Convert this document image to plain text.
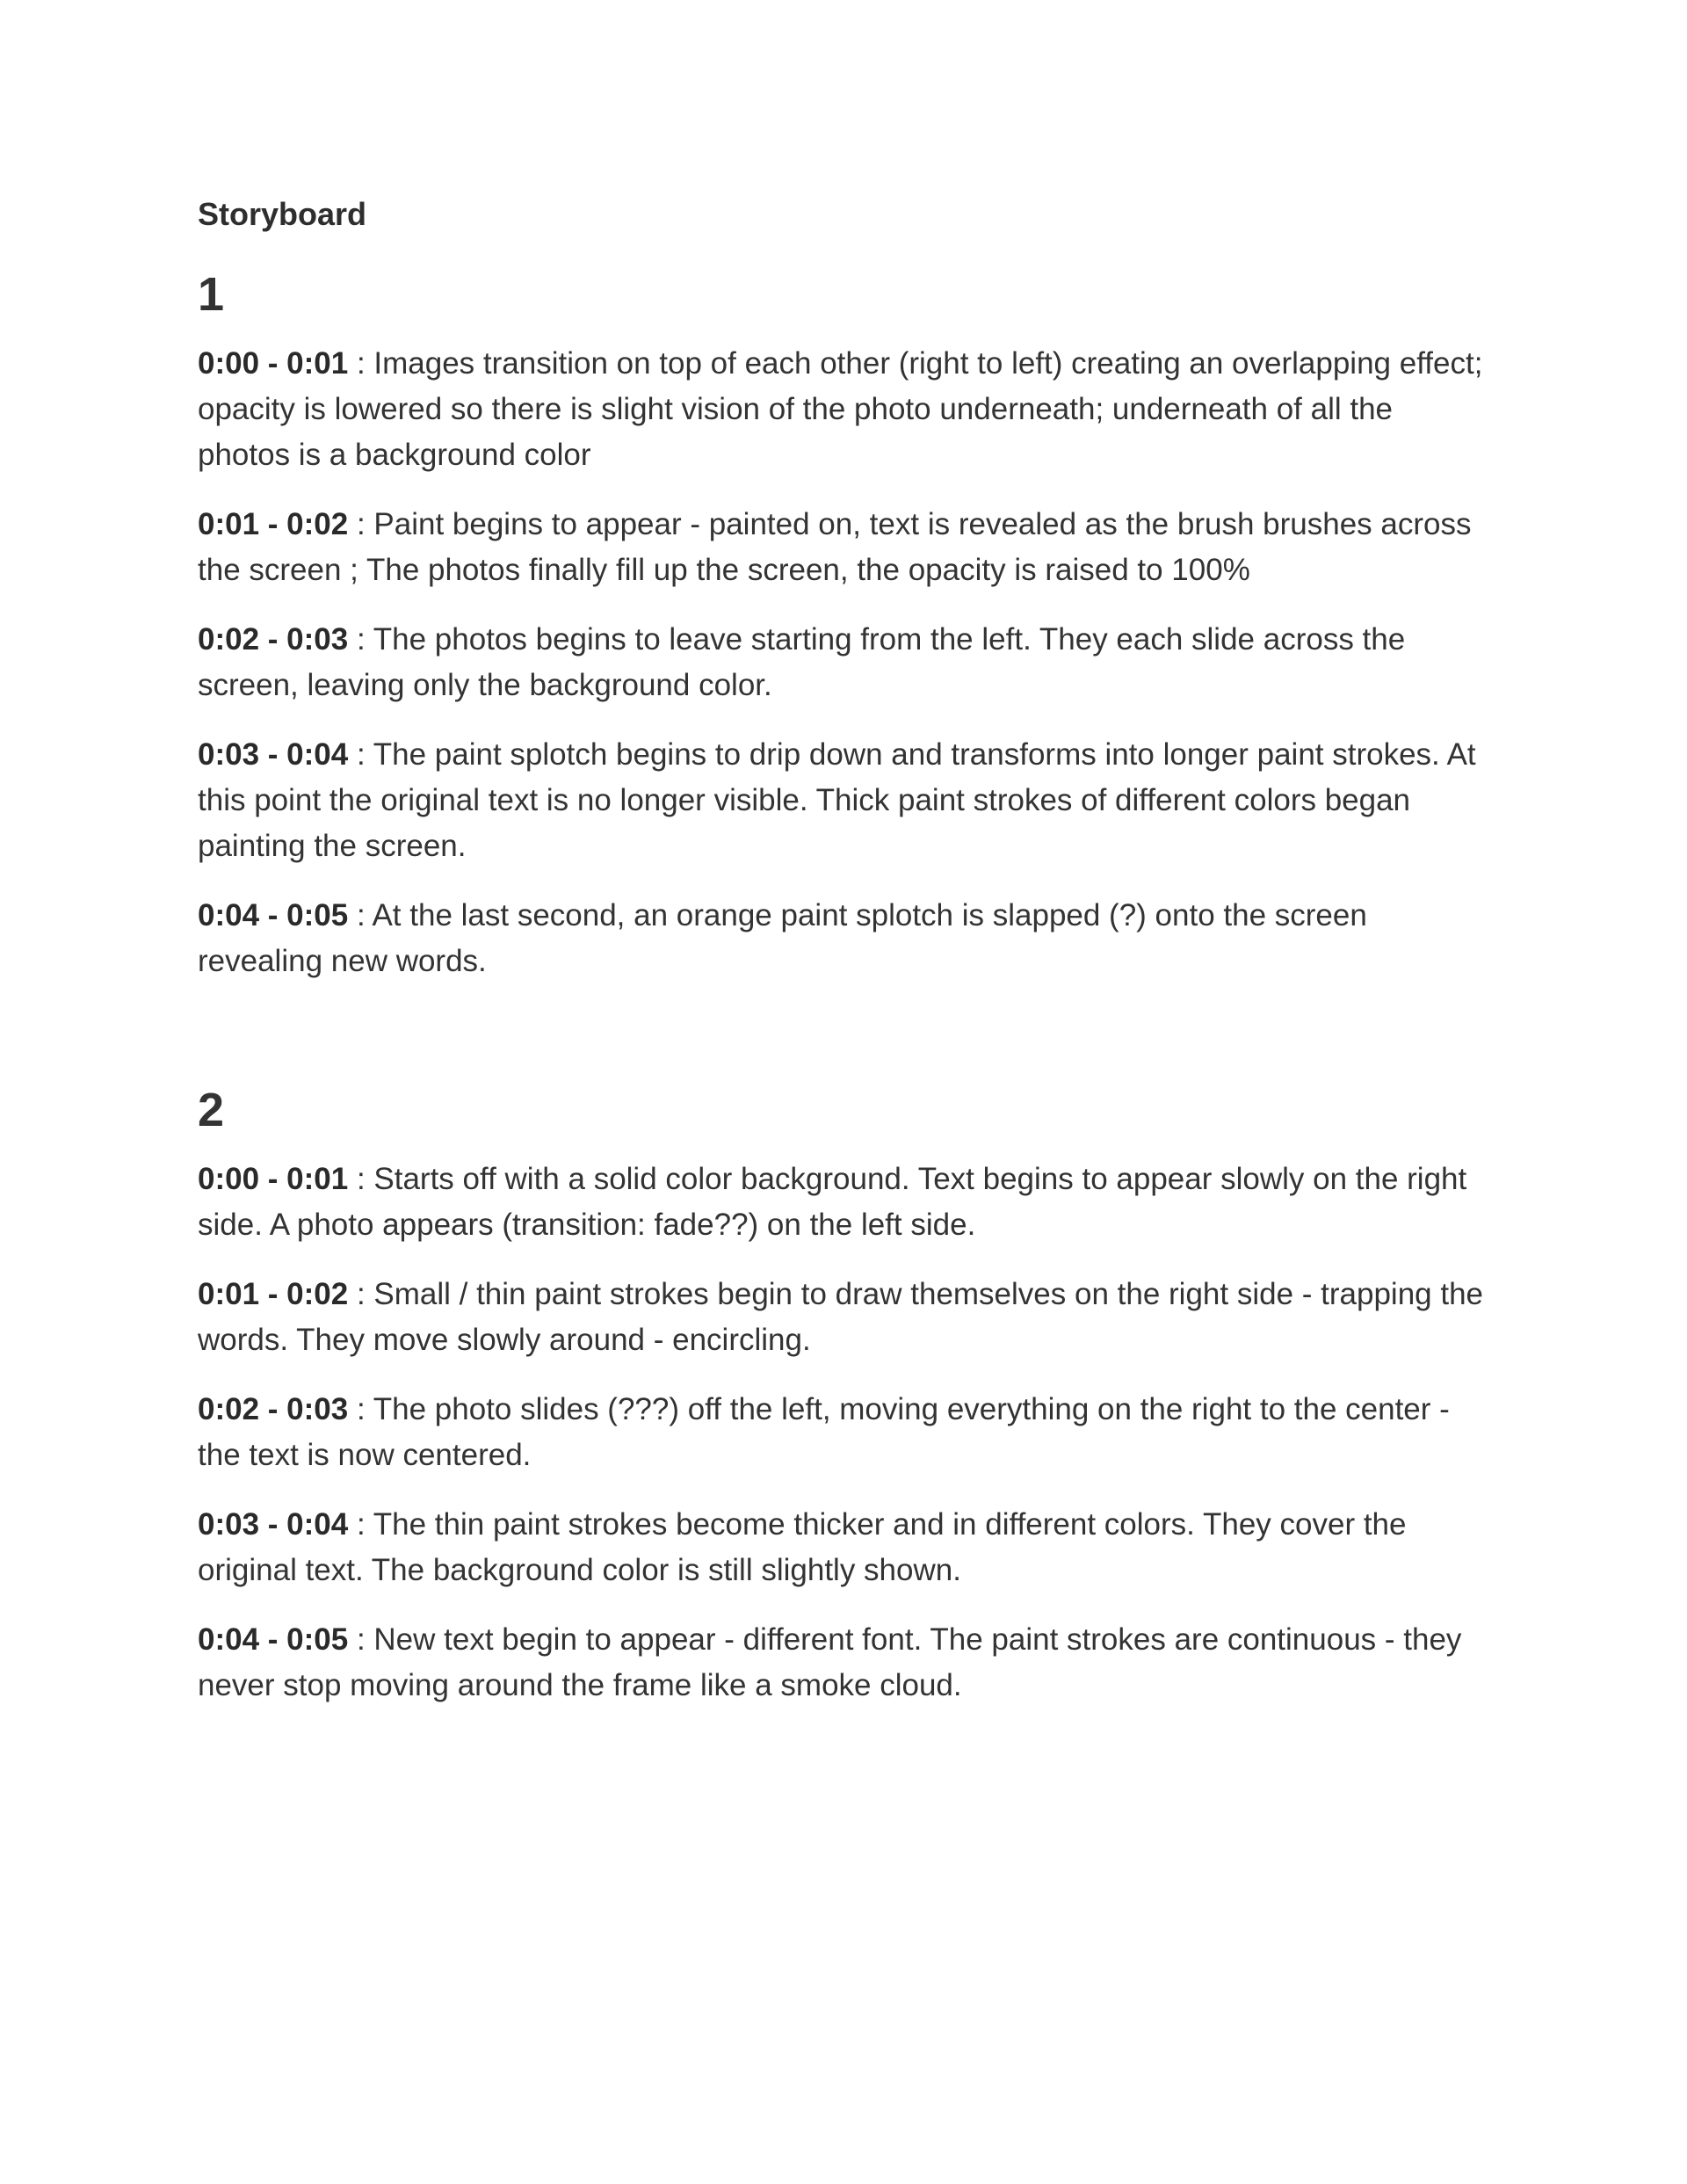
Storyboard
1

0:00 - 0:01 : Images transition on top of each other (right to left) creating an overlapping effect; opacity is lowered so there is slight vision of the photo underneath; underneath of all the photos is a background color

0:01 - 0:02 : Paint begins to appear - painted on, text is revealed as the brush brushes across the screen ; The photos finally fill up the screen, the opacity is raised to 100%

0:02 - 0:03 : The photos begins to leave starting from the left. They each slide across the screen, leaving only the background color.

0:03 - 0:04 : The paint splotch begins to drip down and transforms into longer paint strokes. At this point the original text is no longer visible. Thick paint strokes of different colors began painting the screen.

0:04 - 0:05 : At the last second, an orange paint splotch is slapped (?) onto the screen revealing new words.

2

0:00 - 0:01 : Starts off with a solid color background. Text begins to appear slowly on the right side. A photo appears (transition: fade??) on the left side.

0:01 - 0:02 : Small / thin paint strokes begin to draw themselves on the right side - trapping the words. They move slowly around - encircling.

0:02 - 0:03 : The photo slides (???) off the left, moving everything on the right to the center - the text is now centered.

0:03 - 0:04 : The thin paint strokes become thicker and in different colors. They cover the original text. The background color is still slightly shown.

0:04 - 0:05 : New text begin to appear - different font. The paint strokes are continuous - they never stop moving around the frame like a smoke cloud.
